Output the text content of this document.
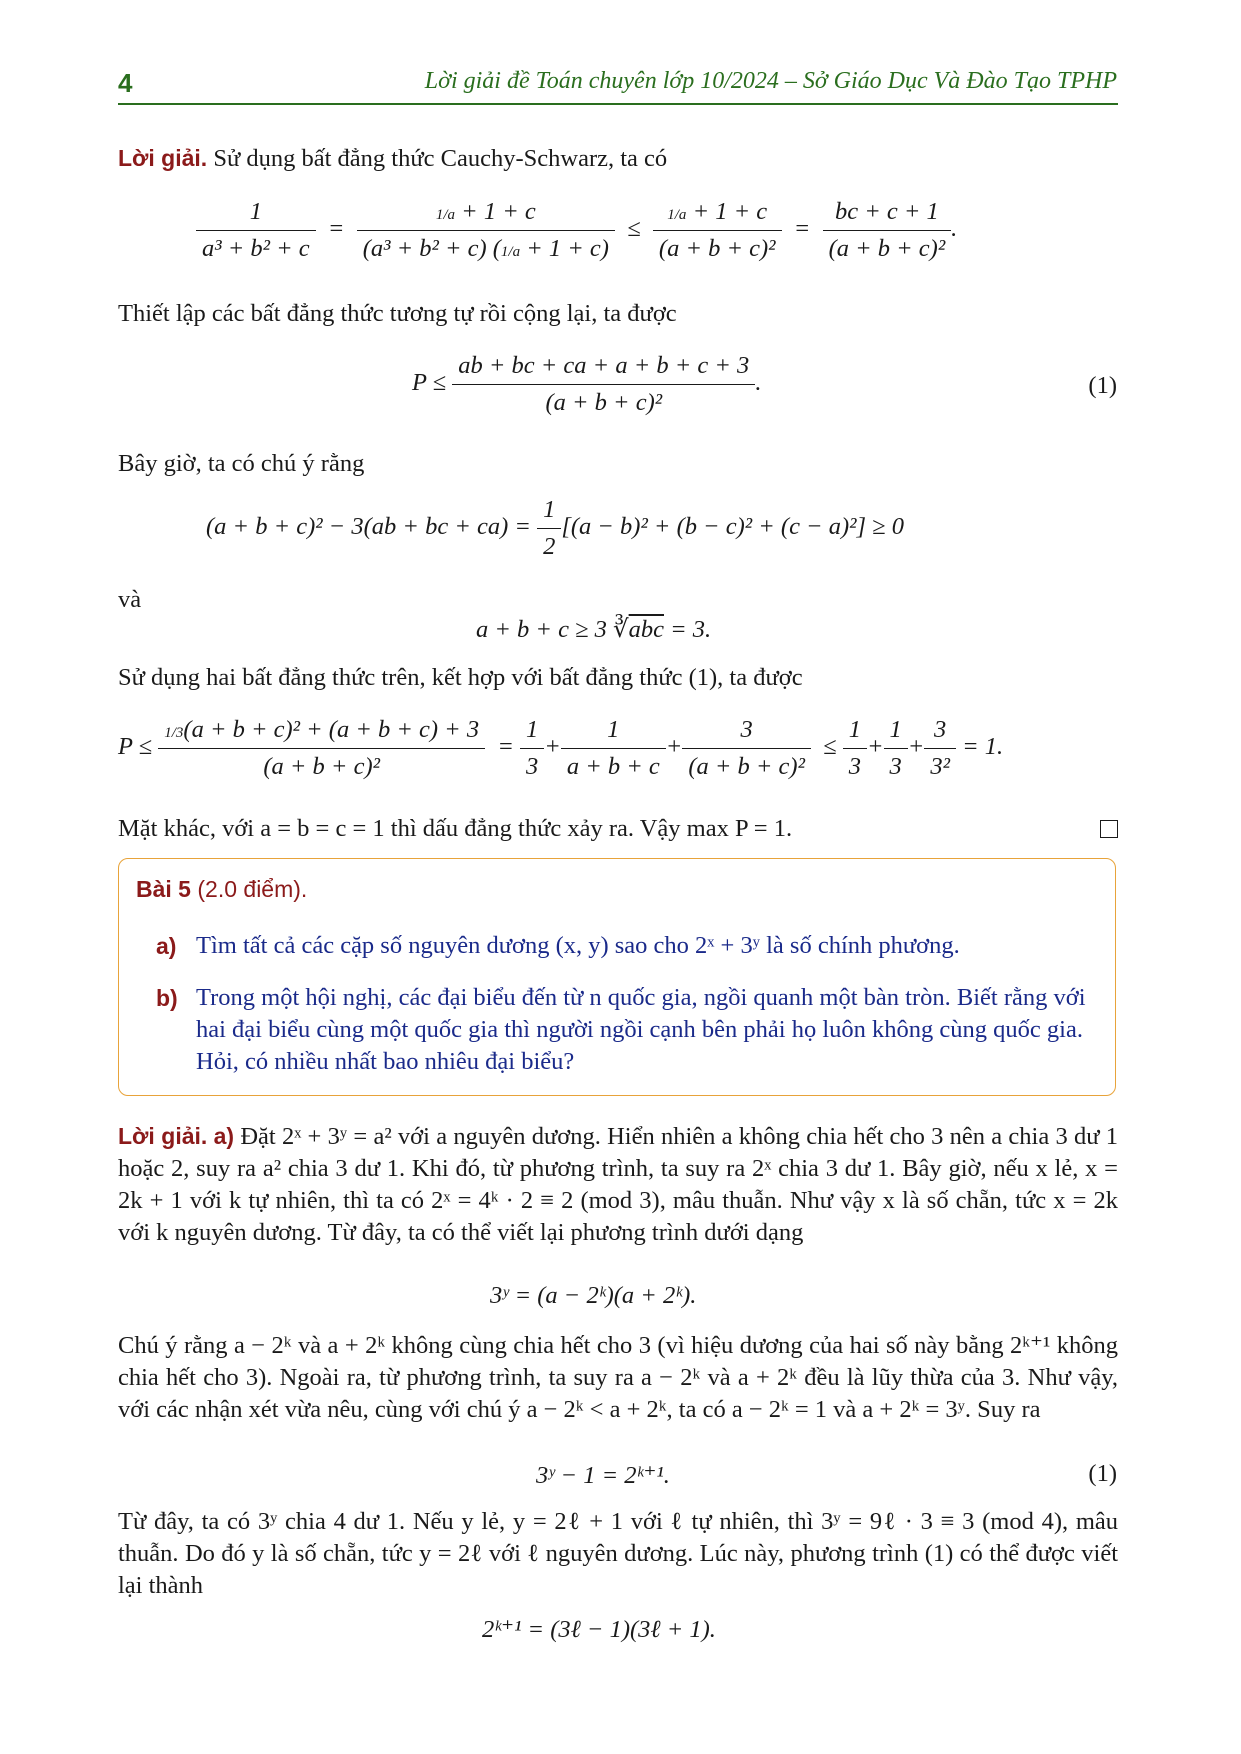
4	Lời giải đề Toán chuyên lớp 10/2024 – Sở Giáo Dục Và Đào Tạo TPHP
Lời giải. Sử dụng bất đẳng thức Cauchy-Schwarz, ta có
$\frac{1}{\text{a³ + b² + c}} = \frac{1/a + 1 + c}{\text{(a³ + b² + c) (1/a + 1 + c)}} \le \frac{1/a + 1 + c}{\text{(a + b + c)²}} = \frac{bc + c + 1}{\text{(a + b + c)²}}$ .
Thiết lập các bất đẳng thức tương tự rồi cộng lại, ta được
$P \le \frac{ab + bc + ca + a + b + c + 3}{\text{(a + b + c)²}}$ .	(1)
Bây giờ, ta có chú ý rằng
(a + b + c)² − 3(ab + bc + $ca) = \frac{1}{2} [(a - b)^2 + (b - c)^2 + (c - a)^2] \ge 0$
và
a + b + c ≥ 3 $∛\overline{abc} = 3$.
Sử dụng hai bất đẳng thức trên, kết hợp với bất đẳng thức (1), ta được
$P \le \frac{\text{1/3(a + b + c)² + (a + b + c) + 3}}{\text{(a + b + c)²}} = \frac{1}{3} + \frac{1}{a + b + c} + \frac{3}{\text{(a + b + c)²}} \le \frac{1}{3} + \frac{1}{3} + \frac{3}{\text{3²}} = 1$.
Mặt khác, với a = b = c = 1 thì dấu đẳng thức xảy ra. Vậy max P = 1.
Bài 5 (2.0 điểm).
a) Tìm tất cả các cặp số nguyên dương (x, y) sao cho 2ˣ + 3ʸ là số chính phương.
b) Trong một hội nghị, các đại biểu đến từ n quốc gia, ngồi quanh một bàn tròn. Biết rằng với hai đại biểu cùng một quốc gia thì người ngồi cạnh bên phải họ luôn không cùng quốc gia. Hỏi, có nhiều nhất bao nhiêu đại biểu?
Lời giải. a) Đặt 2ˣ + 3ʸ = a² với a nguyên dương. Hiển nhiên a không chia hết cho 3 nên a chia 3 dư 1 hoặc 2, suy ra a² chia 3 dư 1. Khi đó, từ phương trình, ta suy ra 2ˣ chia 3 dư 1. Bây giờ, nếu x lẻ, x = 2k + 1 với k tự nhiên, thì ta có 2ˣ = 4ᵏ · 2 ≡ 2 (mod 3), mâu thuẫn. Như vậy x là số chẵn, tức x = 2k với k nguyên dương. Từ đây, ta có thể viết lại phương trình dưới dạng
3ʸ = (a − 2ᵏ)(a + 2ᵏ).
Chú ý rằng a − 2ᵏ và a + 2ᵏ không cùng chia hết cho 3 (vì hiệu dương của hai số này bằng 2ᵏ⁺¹ không chia hết cho 3). Ngoài ra, từ phương trình, ta suy ra a − 2ᵏ và a + 2ᵏ đều là lũy thừa của 3. Như vậy, với các nhận xét vừa nêu, cùng với chú ý a − 2ᵏ < a + 2ᵏ, ta có a − 2ᵏ = 1 và a + 2ᵏ = 3ʸ. Suy ra
3ʸ − 1 = 2ᵏ⁺¹.	(1)
Từ đây, ta có 3ʸ chia 4 dư 1. Nếu y lẻ, y = 2ℓ + 1 với ℓ tự nhiên, thì 3ʸ = 9ℓ · 3 ≡ 3 (mod 4), mâu thuẫn. Do đó y là số chẵn, tức y = 2ℓ với ℓ nguyên dương. Lúc này, phương trình (1) có thể được viết lại thành
2ᵏ⁺¹ = (3ℓ − 1)(3ℓ + 1).
